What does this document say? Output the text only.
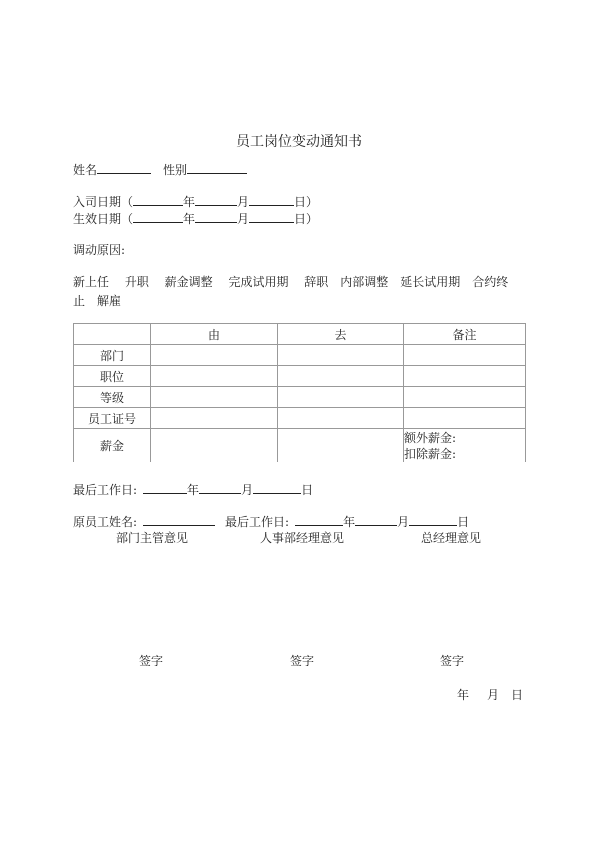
员工岗位变动通知书
姓名	性别
入司日期（	年	月	日）
生效日期（	年	月	日）
调动原因:
新上任　 升职　 薪金调整　 完成试用期　 辞职　内部调整　延长试用期　合约终
止　解雇
	由	去	备注
部门			
职位			
等级			
员工证号			
薪金			额外薪金:
扣除薪金:
最后工作日:	年	月	日
原员工姓名:	最后工作日:	年	月	日
部门主管意见	人事部经理意见	总经理意见
签字	签字	签字
年 月 日
